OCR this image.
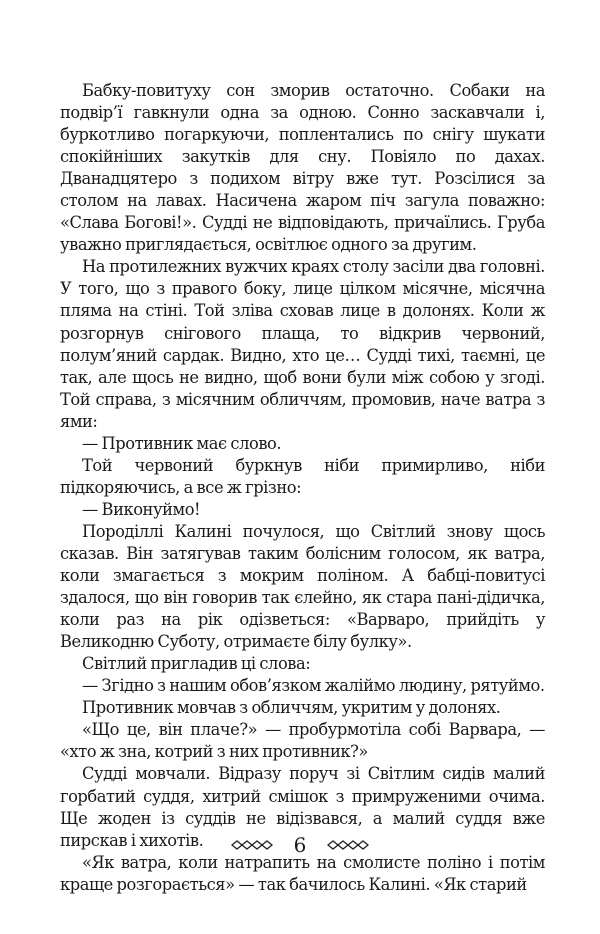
Бабку-повитуху сон зморив остаточно. Собаки на подвір’ї гавкнули одна за одною. Сонно заскавчали і, буркотливо погаркуючи, поплентались по снігу шукати спокійніших закутків для сну. Повіяло по дахах. Дванадцятеро з подихом вітру вже тут. Розсілися за столом на лавах. Насичена жаром піч загула поважно: «Слава Богові!». Судді не відповідають, причаїлись. Груба уважно приглядається, освітлює одного за другим.

На протилежних вужчих краях столу засіли два головні. У того, що з правого боку, лице цілком місячне, місячна пляма на стіні. Той зліва сховав лице в долонях. Коли ж розгорнув снігового плаща, то відкрив червоний, полум’яний сардак. Видно, хто це… Судді тихі, таємні, це так, але щось не видно, щоб вони були між собою у згоді. Той справа, з місячним обличчям, промовив, наче ватра з ями:

— Противник має слово.

Той червоний буркнув ніби примирливо, ніби підкоряючись, а все ж грізно:

— Виконуймо!

Породіллі Калині почулося, що Світлий знову щось сказав. Він затягував таким болісним голосом, як ватра, коли змагається з мокрим поліном. А бабці-повитусі здалося, що він говорив так єлейно, як стара пані-дідичка, коли раз на рік одізветься: «Варваро, прийдіть у Великодню Суботу, отримаєте білу булку».

Світлий пригладив ці слова:

— Згідно з нашим обов’язком жаліймо людину, рятуймо.

Противник мовчав з обличчям, укритим у долонях.

«Що це, він плаче?» — пробурмотіла собі Варвара, — «хто ж зна, котрий з них противник?»

Судді мовчали. Відразу поруч зі Світлим сидів малий горбатий суддя, хитрий смішок з примруженими очима. Ще жоден із суддів не відізвався, а малий суддя вже пирскав і хихотів.

«Як ватра, коли натрапить на смолисте поліно і потім краще розгорається» — так бачилось Калині. «Як старий

6
